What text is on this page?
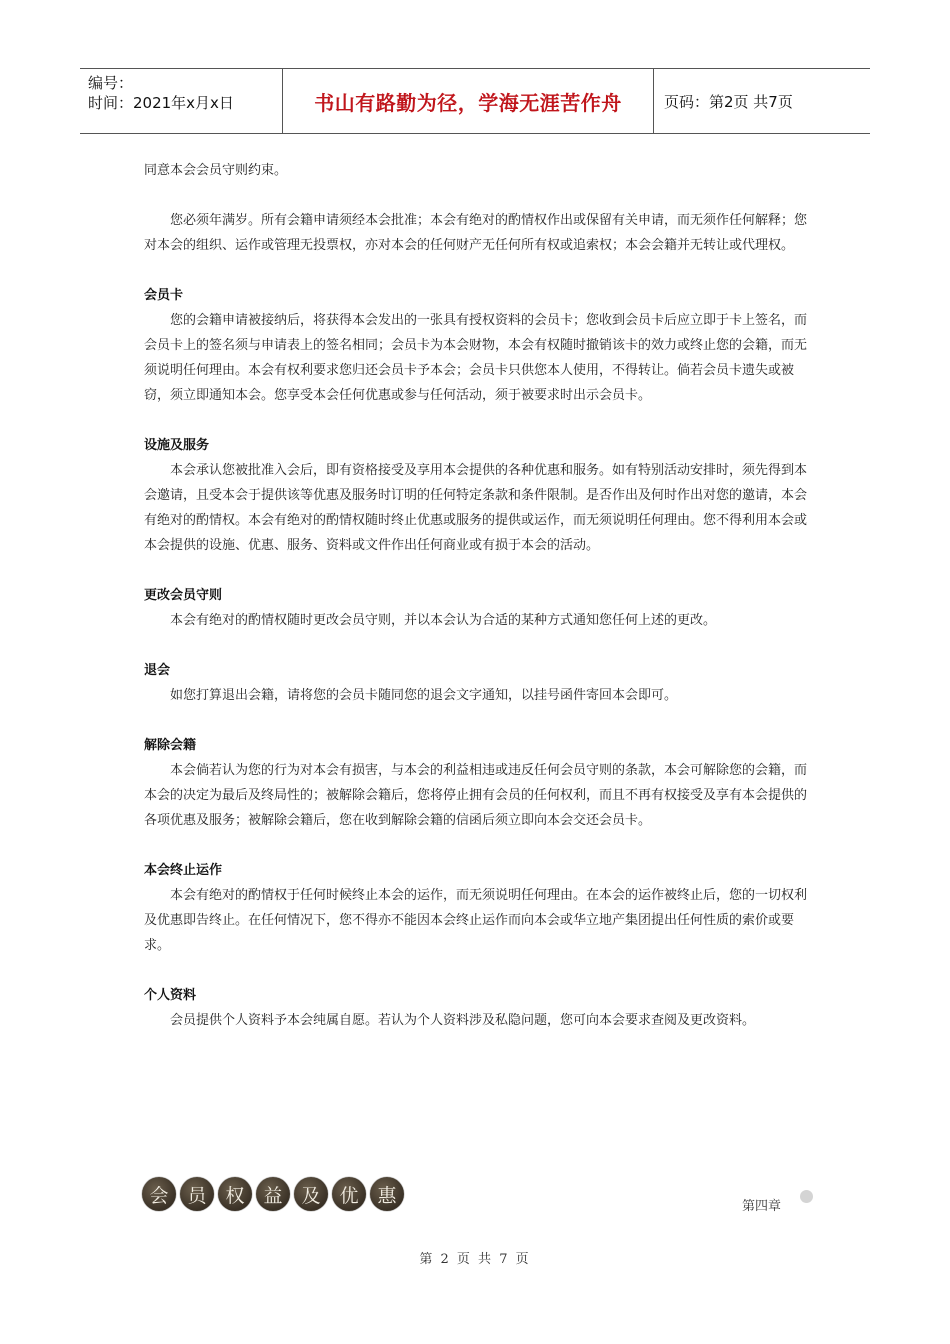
编号：
时间：2021年x月x日	书山有路勤为径，学海无涯苦作舟	页码：第2页 共7页

同意本会会员守则约束。

您必须年满岁。所有会籍申请须经本会批准；本会有绝对的酌情权作出或保留有关申请，而无须作任何解释；您对本会的组织、运作或管理无投票权，亦对本会的任何财产无任何所有权或追索权；本会会籍并无转让或代理权。

会员卡

您的会籍申请被接纳后，将获得本会发出的一张具有授权资料的会员卡；您收到会员卡后应立即于卡上签名，而会员卡上的签名须与申请表上的签名相同；会员卡为本会财物，本会有权随时撤销该卡的效力或终止您的会籍，而无须说明任何理由。本会有权利要求您归还会员卡予本会；会员卡只供您本人使用，不得转让。倘若会员卡遗失或被窃，须立即通知本会。您享受本会任何优惠或参与任何活动，须于被要求时出示会员卡。

设施及服务

本会承认您被批准入会后，即有资格接受及享用本会提供的各种优惠和服务。如有特别活动安排时，须先得到本会邀请，且受本会于提供该等优惠及服务时订明的任何特定条款和条件限制。是否作出及何时作出对您的邀请，本会有绝对的酌情权。本会有绝对的酌情权随时终止优惠或服务的提供或运作，而无须说明任何理由。您不得利用本会或本会提供的设施、优惠、服务、资料或文件作出任何商业或有损于本会的活动。

更改会员守则

本会有绝对的酌情权随时更改会员守则，并以本会认为合适的某种方式通知您任何上述的更改。

退会

如您打算退出会籍，请将您的会员卡随同您的退会文字通知，以挂号函件寄回本会即可。

解除会籍

本会倘若认为您的行为对本会有损害，与本会的利益相违或违反任何会员守则的条款，本会可解除您的会籍，而本会的决定为最后及终局性的；被解除会籍后，您将停止拥有会员的任何权利，而且不再有权接受及享有本会提供的各项优惠及服务；被解除会籍后，您在收到解除会籍的信函后须立即向本会交还会员卡。

本会终止运作

本会有绝对的酌情权于任何时候终止本会的运作，而无须说明任何理由。在本会的运作被终止后，您的一切权利及优惠即告终止。在任何情况下，您不得亦不能因本会终止运作而向本会或华立地产集团提出任何性质的索价或要求。

个人资料

会员提供个人资料予本会纯属自愿。若认为个人资料涉及私隐问题，您可向本会要求查阅及更改资料。

会 员 权 益 及 优 惠	第四章
第 2 页 共 7 页
